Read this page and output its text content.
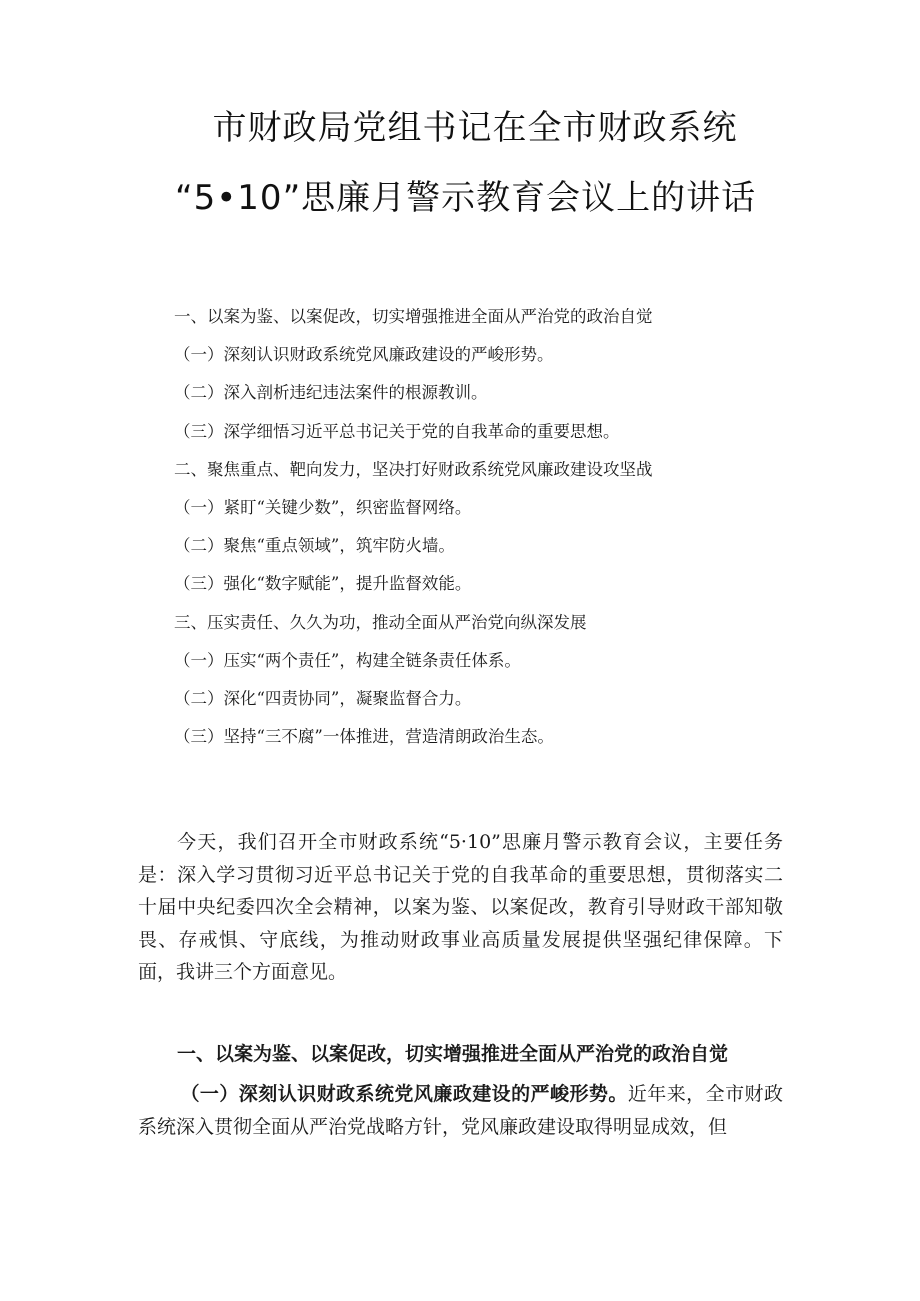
市财政局党组书记在全市财政系统
“5•10”思廉月警示教育会议上的讲话
一、以案为鉴、以案促改，切实增强推进全面从严治党的政治自觉
（一）深刻认识财政系统党风廉政建设的严峻形势。
（二）深入剖析违纪违法案件的根源教训。
（三）深学细悟习近平总书记关于党的自我革命的重要思想。
二、聚焦重点、靶向发力，坚决打好财政系统党风廉政建设攻坚战
（一）紧盯“关键少数”，织密监督网络。
（二）聚焦“重点领域”，筑牢防火墙。
（三）强化“数字赋能”，提升监督效能。
三、压实责任、久久为功，推动全面从严治党向纵深发展
（一）压实“两个责任”，构建全链条责任体系。
（二）深化“四责协同”，凝聚监督合力。
（三）坚持“三不腐”一体推进，营造清朗政治生态。

今天，我们召开全市财政系统“5·10”思廉月警示教育会议，主要任务是：深入学习贯彻习近平总书记关于党的自我革命的重要思想，贯彻落实二十届中央纪委四次全会精神，以案为鉴、以案促改，教育引导财政干部知敬畏、存戒惧、守底线，为推动财政事业高质量发展提供坚强纪律保障。下面，我讲三个方面意见。

一、以案为鉴、以案促改，切实增强推进全面从严治党的政治自觉

（一）深刻认识财政系统党风廉政建设的严峻形势。近年来，全市财政系统深入贯彻全面从严治党战略方针，党风廉政建设取得明显成效，但
